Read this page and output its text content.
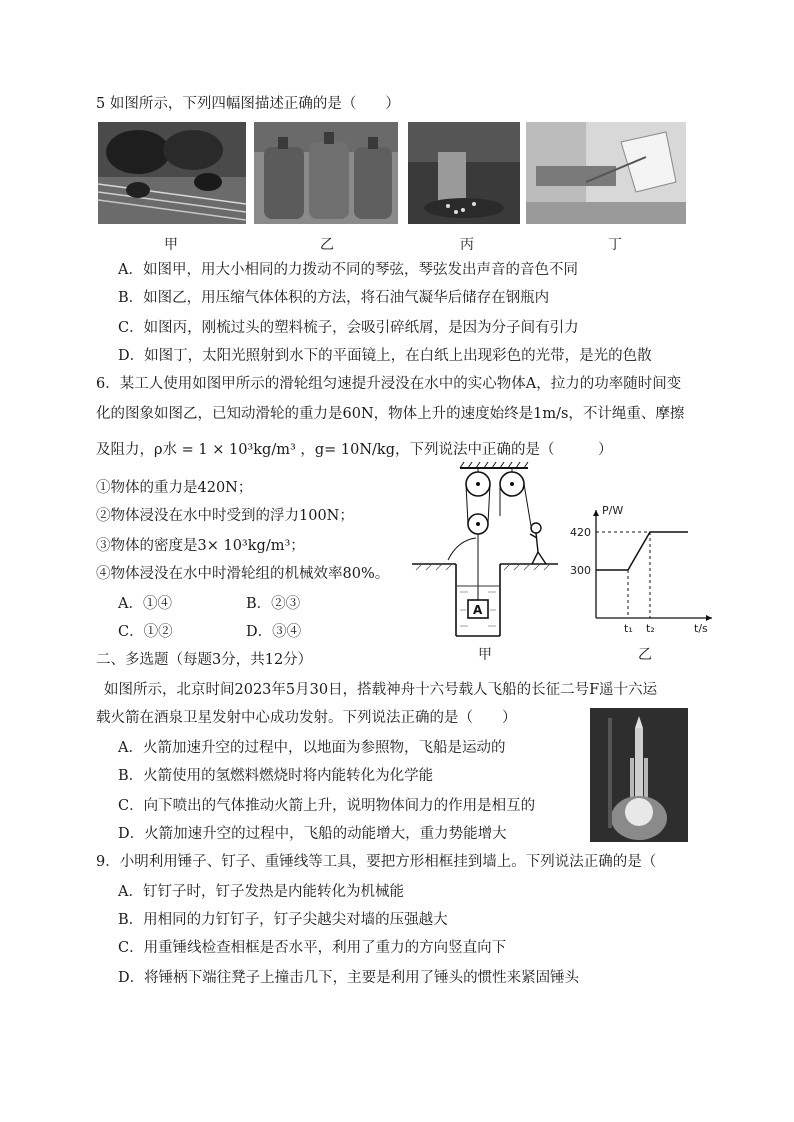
5 如图所示，下列四幅图描述正确的是（　　）
甲	乙	丙	丁
A．如图甲，用大小相同的力拨动不同的琴弦，琴弦发出声音的音色不同
B．如图乙，用压缩气体体积的方法，将石油气凝华后储存在钢瓶内
C．如图丙，刚梳过头的塑料梳子，会吸引碎纸屑，是因为分子间有引力
D．如图丁，太阳光照射到水下的平面镜上，在白纸上出现彩色的光带，是光的色散
6．某工人使用如图甲所示的滑轮组匀速提升浸没在水中的实心物体A，拉力的功率随时间变
化的图象如图乙，已知动滑轮的重力是60N，物体上升的速度始终是1m/s，不计绳重、摩擦
及阻力，ρ水 = 1 × 10³kg/m³ ，g= 10N/kg，下列说法中正确的是（　　　）
①物体的重力是420N；
②物体浸没在水中时受到的浮力100N；
③物体的密度是3× 10³kg/m³；
④物体浸没在水中时滑轮组的机械效率80%。
A．①④	B．②③
C．①②	D．③④
A
甲
P/W
t/s
420
300
t₁ t₂
乙
二、多选题（每题3分，共12分）
如图所示，北京时间2023年5月30日，搭载神舟十六号载人飞船的长征二号F遥十六运
载火箭在酒泉卫星发射中心成功发射。下列说法正确的是（　　）
A．火箭加速升空的过程中，以地面为参照物，飞船是运动的
B．火箭使用的氢燃料燃烧时将内能转化为化学能
C．向下喷出的气体推动火箭上升，说明物体间力的作用是相互的
D．火箭加速升空的过程中，飞船的动能增大，重力势能增大
9．小明利用锤子、钉子、重锤线等工具，要把方形相框挂到墙上。下列说法正确的是（
A．钉钉子时，钉子发热是内能转化为机械能
B．用相同的力钉钉子，钉子尖越尖对墙的压强越大
C．用重锤线检查相框是否水平，利用了重力的方向竖直向下
D．将锤柄下端往凳子上撞击几下，主要是利用了锤头的惯性来紧固锤头
